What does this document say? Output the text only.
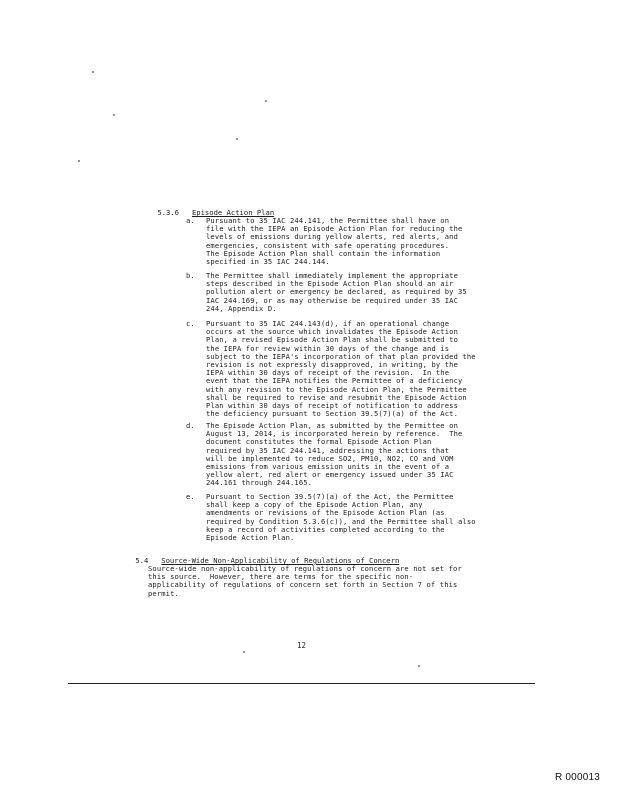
5.3.6 Episode Action Plan

a. Pursuant to 35 IAC 244.141, the Permittee shall have on
file with the IEPA an Episode Action Plan for reducing the
levels of emissions during yellow alerts, red alerts, and
emergencies, consistent with safe operating procedures.
The Episode Action Plan shall contain the information
specified in 35 IAC 244.144.
b. The Permittee shall immediately implement the appropriate
steps described in the Episode Action Plan should an air
pollution alert or emergency be declared, as required by 35
IAC 244.169, or as may otherwise be required under 35 IAC
244, Appendix D.
c. Pursuant to 35 IAC 244.143(d), if an operational change
occurs at the source which invalidates the Episode Action
Plan, a revised Episode Action Plan shall be submitted to
the IEPA for review within 30 days of the change and is
subject to the IEPA's incorporation of that plan provided the
revision is not expressly disapproved, in writing, by the
IEPA within 30 days of receipt of the revision.  In the
event that the IEPA notifies the Permittee of a deficiency
with any revision to the Episode Action Plan, the Permittee
shall be required to revise and resubmit the Episode Action
Plan within 30 days of receipt of notification to address
the deficiency pursuant to Section 39.5(7)(a) of the Act.
d. The Episode Action Plan, as submitted by the Permittee on
August 13, 2014, is incorporated herein by reference.  The
document constitutes the formal Episode Action Plan
required by 35 IAC 244.141, addressing the actions that
will be implemented to reduce SO2, PM10, NO2, CO and VOM
emissions from various emission units in the event of a
yellow alert, red alert or emergency issued under 35 IAC
244.161 through 244.165.
e. Pursuant to Section 39.5(7)(a) of the Act, the Permittee
shall keep a copy of the Episode Action Plan, any
amendments or revisions of the Episode Action Plan (as
required by Condition 5.3.6(c)), and the Permittee shall also
keep a record of activities completed according to the
Episode Action Plan.

5.4 Source-Wide Non-Applicability of Regulations of Concern

Source-wide non-applicability of regulations of concern are not set for
this source.  However, there are terms for the specific non-
applicability of regulations of concern set forth in Section 7 of this
permit.
12
R 000013
